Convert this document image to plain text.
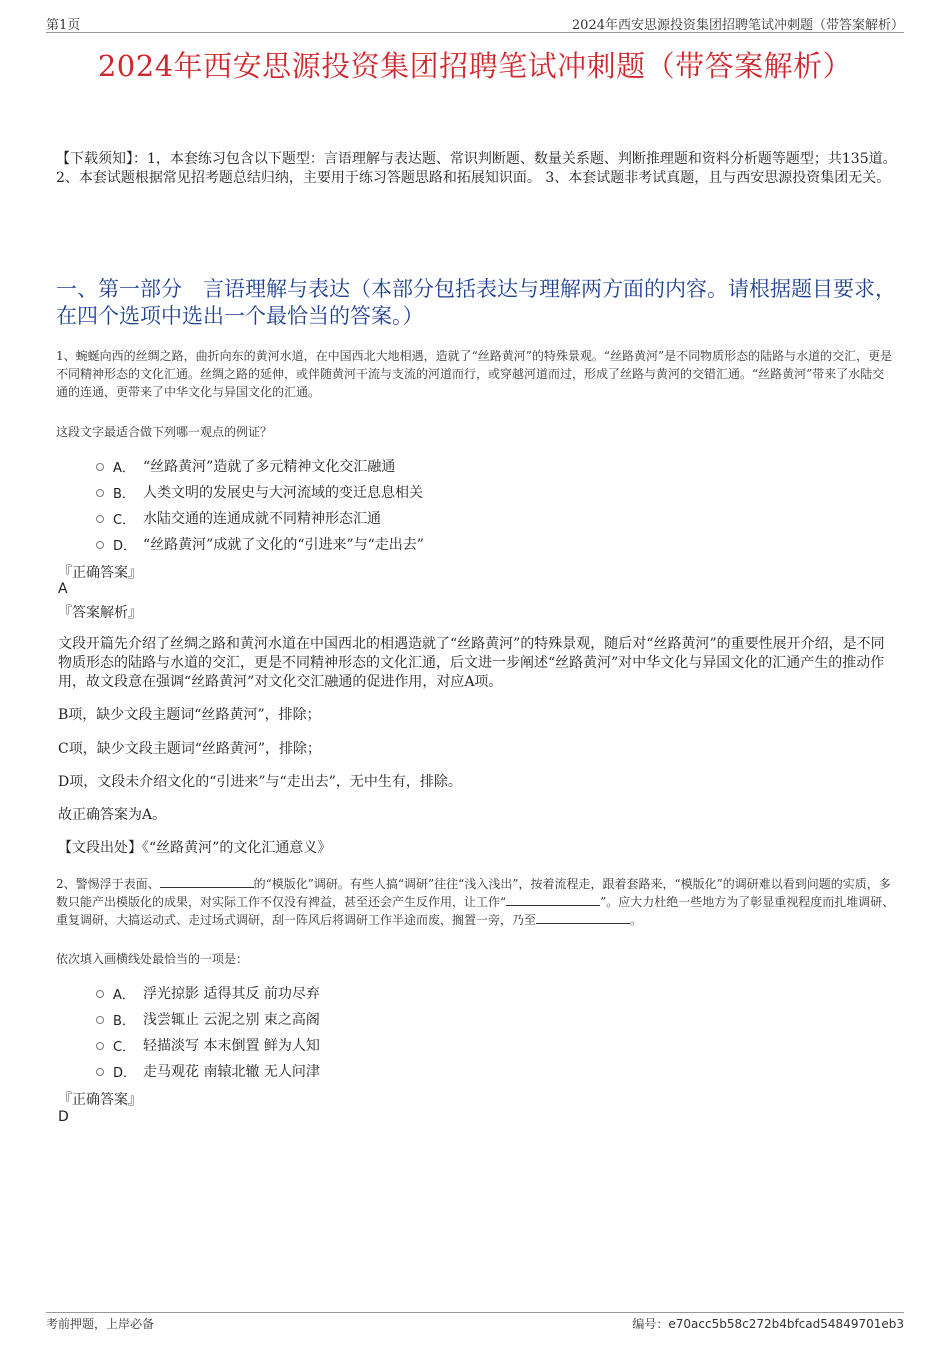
第1页	2024年西安思源投资集团招聘笔试冲刺题（带答案解析）
2024年西安思源投资集团招聘笔试冲刺题（带答案解析）
【下载须知】：1，本套练习包含以下题型：言语理解与表达题、常识判断题、数量关系题、判断推理题和资料分析题等题型；共135道。 2、本套试题根据常见招考题总结归纳，主要用于练习答题思路和拓展知识面。 3、本套试题非考试真题，且与西安思源投资集团无关。
一、第一部分　言语理解与表达（本部分包括表达与理解两方面的内容。请根据题目要求，在四个选项中选出一个最恰当的答案。）
1、蜿蜒向西的丝绸之路，曲折向东的黄河水道，在中国西北大地相遇，造就了“丝路黄河”的特殊景观。“丝路黄河”是不同物质形态的陆路与水道的交汇，更是不同精神形态的文化汇通。丝绸之路的延伸，或伴随黄河干流与支流的河道而行，或穿越河道而过，形成了丝路与黄河的交错汇通。“丝路黄河”带来了水陆交通的连通，更带来了中华文化与异国文化的汇通。
这段文字最适合做下列哪一观点的例证？
A． “丝路黄河”造就了多元精神文化交汇融通
B． 人类文明的发展史与大河流域的变迁息息相关
C． 水陆交通的连通成就不同精神形态汇通
D． “丝路黄河”成就了文化的“引进来”与“走出去”
『正确答案』
A
『答案解析』
文段开篇先介绍了丝绸之路和黄河水道在中国西北的相遇造就了“丝路黄河”的特殊景观，随后对“丝路黄河”的重要性展开介绍，是不同物质形态的陆路与水道的交汇，更是不同精神形态的文化汇通，后文进一步阐述“丝路黄河”对中华文化与异国文化的汇通产生的推动作用，故文段意在强调“丝路黄河”对文化交汇融通的促进作用，对应A项。
B项，缺少文段主题词“丝路黄河”，排除；
C项，缺少文段主题词“丝路黄河”，排除；
D项，文段未介绍文化的“引进来”与“走出去”，无中生有，排除。
故正确答案为A。
【文段出处】《“丝路黄河”的文化汇通意义》
2、警惕浮于表面、	的“模版化”调研。有些人搞“调研”往往“浅入浅出”，按着流程走，跟着套路来，“模版化”的调研难以看到问题的实质，多数只能产出模版化的成果，对实际工作不仅没有裨益，甚至还会产生反作用，让工作“	”。应大力杜绝一些地方为了彰显重视程度而扎堆调研、重复调研，大搞运动式、走过场式调研，刮一阵风后将调研工作半途而废，搁置一旁，乃至	。
依次填入画横线处最恰当的一项是：
A． 浮光掠影 适得其反 前功尽弃
B． 浅尝辄止 云泥之别 束之高阁
C． 轻描淡写 本末倒置 鲜为人知
D． 走马观花 南辕北辙 无人问津
『正确答案』
D
考前押题，上岸必备	编号：e70acc5b58c272b4bfcad54849701eb3
